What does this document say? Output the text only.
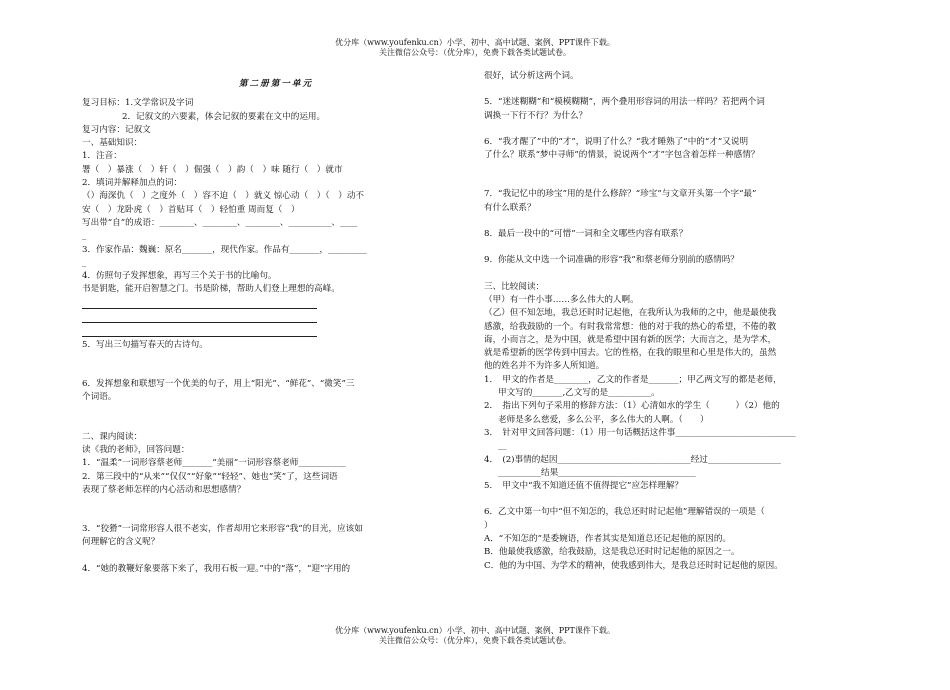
优分库（www.youfenku.cn）小学、初中、高中试题、案例、PPT课件下载。
关注微信公众号：（优分库），免费下载各类试题试卷。
第二册第一单元
复习目标：1.文学常识及字词
2．记叙文的六要素，体会记叙的要素在文中的运用。
复习内容：记叙文
一、基础知识：
1．注音：
署（　）暴涨（　）轩（　）倔强（　）韵（　）味 随行（　）就市
2．填词并解释加点的词：
（）海深仇（　）之度外（　）容不迫（　）就义 惊心动（　）（　）动不
安（　）龙卧虎（　）首贴耳（　）轻怕重 周而复（　）
写出带“自”的成语：________、________、________、__________、____
_
3．作家作品：魏巍：原名_______，现代作家。作品有_______，_________
_
4．仿照句子发挥想象，再写三个关于书的比喻句。
书是钥匙，能开启智慧之门。书是阶梯，帮助人们登上理想的高峰。
5．写出三句描写春天的古诗句。
6．发挥想象和联想写一个优美的句子，用上“阳光”、“鲜花”、“微笑”三
个词语。
二、课内阅读：
读《我的老师》，回答问题：
1．“温柔”一词形容蔡老师_______“美丽”一词形容蔡老师___________
2．第三段中的“从来”“仅仅”“好象”“轻轻”、她也“笑”了，这些词语
表现了蔡老师怎样的内心活动和思想感情？
3．“狡猾”一词常形容人很不老实，作者却用它来形容“我”的目光，应该如
何理解它的含义呢？
4．“她的教鞭好象要落下来了，我用石板一迎。”中的“落”，“迎”字用的
很好，试分析这两个词。
5．“迷迷糊糊”和“模模糊糊”，两个叠用形容词的用法一样吗？若把两个词
调换一下行不行？为什么？
6．“我才醒了”中的“才”，说明了什么？“我才睡熟了”中的“才”又说明
了什么？联系“梦中寻师”的情景，说说两个“才”字包含着怎样一种感情？
7．“我记忆中的珍宝”用的是什么修辞？“珍宝”与文章开头第一个字“最”
有什么联系？
8．最后一段中的“可惜”一词和全文哪些内容有联系？
9．你能从文中选一个词准确的形容“我”和蔡老师分别前的感情吗？
三、比较阅读：
（甲）有一件小事……多么伟大的人啊。
（乙）但不知怎地，我总还时时记起他，在我所认为我师的之中，他是最使我
感激，给我鼓励的一个。有时我常常想：他的对于我的热心的希望，不倦的教
诲，小而言之，是为中国，就是希望中国有新的医学；大而言之，是为学术，
就是希望新的医学传到中国去。它的性格，在我的眼里和心里是伟大的，虽然
他的姓名并不为许多人所知道。
1．　甲文的作者是________，乙文的作者是_______；甲乙两文写的都是老师，
甲文写的_______,乙文写的是__________。
2．　指出下列句子采用的修辞方法：（1）心清如水的学生（　　　）（2）他的
老师是多么慈爱，多么公平，多么伟大的人啊。（　　）
3．　针对甲文回答问题：（1）用一句话概括这件事____________________________
__
4．　(2)事情的起因_______________________________经过_________________
__________结果________________________________
5．　甲文中“我不知道还值不值得提它”应怎样理解？
6．乙文中第一句中“但不知怎的，我总还时时记起他”理解错误的一项是（
）
A．“不知怎的”是委婉语，作者其实是知道总还记起他的原因的。
B．他最使我感激，给我鼓励，这是我总还时时记起他的原因之一。
C．他的为中国、为学术的精神，使我感到伟大，是我总还时时记起他的原因。
优分库（www.youfenku.cn）小学、初中、高中试题、案例、PPT课件下载。
关注微信公众号：（优分库），免费下载各类试题试卷。
